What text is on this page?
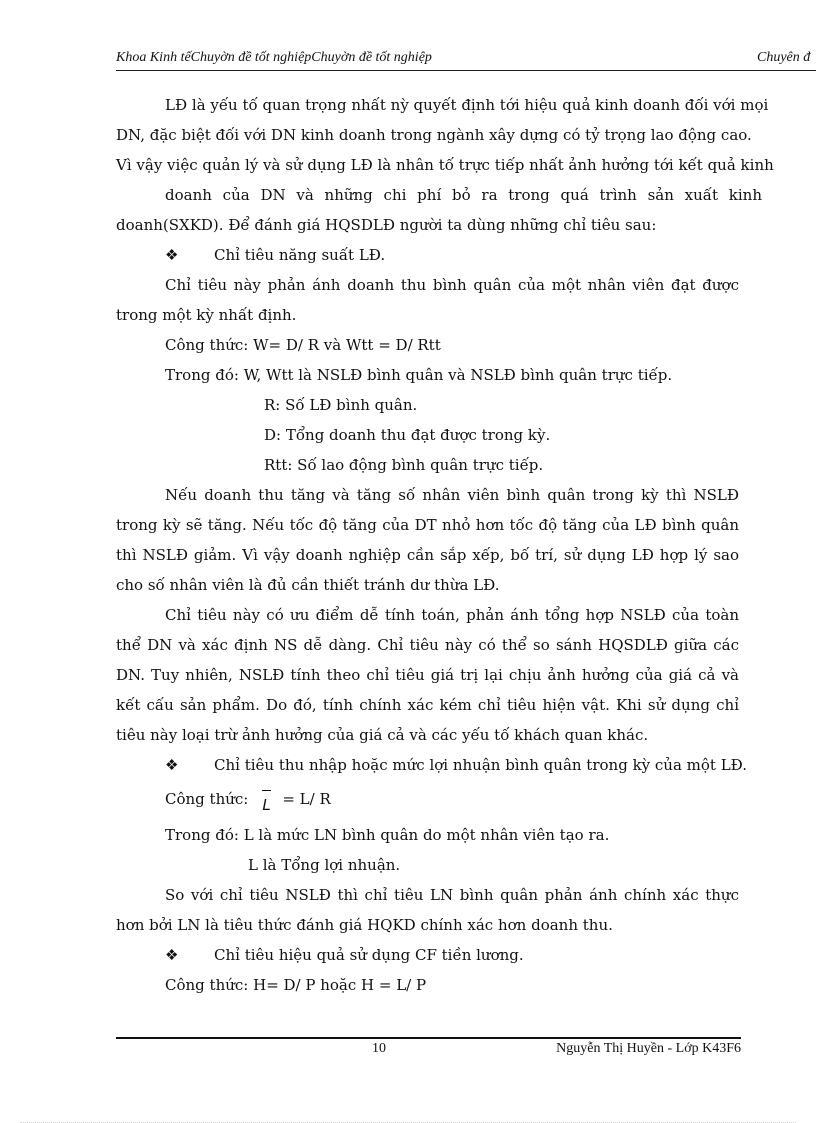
Khoa Kinh tếChuyờn đề tốt nghiệpChuyờn đề tốt nghiệp	Chuyên đ

LĐ là yếu tố quan trọng nhất nỳ quyết định tới hiệu quả kinh doanh đối với mọi

DN, đặc biệt đối với DN kinh doanh trong ngành xây dựng có tỷ trọng lao động cao.

Vì vậy việc quản lý và sử dụng LĐ là nhân tố trực tiếp nhất ảnh hưởng tới kết quả kinh

doanh của DN và những chi phí bỏ ra trong quá trình sản xuất kinh

doanh(SXKD). Để đánh giá HQSDLĐ người ta dùng những chỉ tiêu sau:

❖ Chỉ tiêu năng suất LĐ.

Chỉ tiêu này phản ánh doanh thu bình quân của một nhân viên đạt được trong một kỳ nhất định.

Công thức: W= D/ R và Wtt = D/ Rtt

Trong đó: W, Wtt là NSLĐ bình quân và NSLĐ bình quân trực tiếp.

R: Số LĐ bình quân.

D: Tổng doanh thu đạt được trong kỳ.

Rtt: Số lao động bình quân trực tiếp.

Nếu doanh thu tăng và tăng số nhân viên bình quân trong kỳ thì NSLĐ trong kỳ sẽ tăng. Nếu tốc độ tăng của DT nhỏ hơn tốc độ tăng của LĐ bình quân thì NSLĐ giảm. Vì vậy doanh nghiệp cần sắp xếp, bố trí, sử dụng LĐ hợp lý sao cho số nhân viên là đủ cần thiết tránh dư thừa LĐ.

Chỉ tiêu này có ưu điểm dễ tính toán, phản ánh tổng hợp NSLĐ của toàn thể DN và xác định NS dễ dàng. Chỉ tiêu này có thể so sánh HQSDLĐ giữa các DN. Tuy nhiên, NSLĐ tính theo chỉ tiêu giá trị lại chịu ảnh hưởng của giá cả và kết cấu sản phẩm. Do đó, tính chính xác kém chỉ tiêu hiện vật. Khi sử dụng chỉ tiêu này loại trừ ảnh hưởng của giá cả và các yếu tố khách quan khác.

❖ Chỉ tiêu thu nhập hoặc mức lợi nhuận bình quân trong kỳ của một LĐ.

Công thức: L = L/ R

Trong đó: L là mức LN bình quân do một nhân viên tạo ra.

L là Tổng lợi nhuận.

So với chỉ tiêu NSLĐ thì chỉ tiêu LN bình quân phản ánh chính xác thực hơn bởi LN là tiêu thức đánh giá HQKD chính xác hơn doanh thu.

❖ Chỉ tiêu hiệu quả sử dụng CF tiền lương.

Công thức: H= D/ P hoặc H = L/ P

10	Nguyễn Thị Huyền - Lớp K43F6
